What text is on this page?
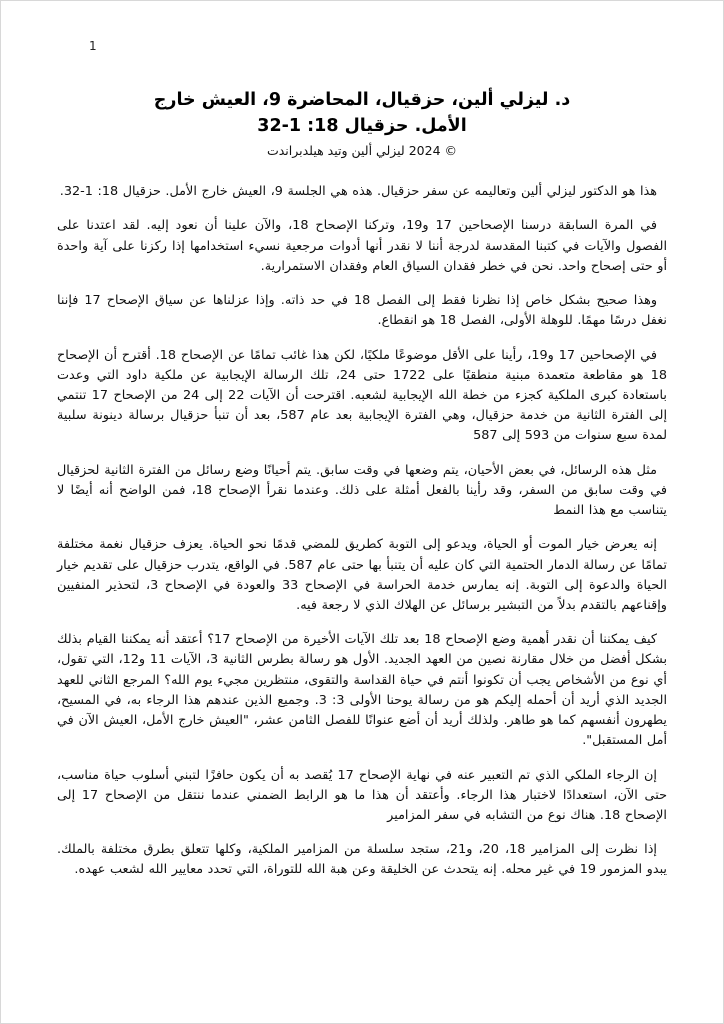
1
د. ليزلي ألين، حزقيال، المحاضرة 9، العيش خارج
الأمل. حزقيال 18: 1-32
© 2024 ليزلي ألين وتيد هيلدبراندت

هذا هو الدكتور ليزلي ألين وتعاليمه عن سفر حزقيال. هذه هي الجلسة 9، العيش خارج الأمل. حزقيال 18: 1-32.

في المرة السابقة درسنا الإصحاحين 17 و19، وتركنا الإصحاح 18، والآن علينا أن نعود إليه. لقد اعتدنا على الفصول والآيات في كتبنا المقدسة لدرجة أننا لا نقدر أنها أدوات مرجعية نسيء استخدامها إذا ركزنا على آية واحدة أو حتى إصحاح واحد. نحن في خطر فقدان السياق العام وفقدان الاستمرارية.

وهذا صحيح بشكل خاص إذا نظرنا فقط إلى الفصل 18 في حد ذاته. وإذا عزلناها عن سياق الإصحاح 17 فإننا نغفل درسًا مهمًا. للوهلة الأولى، الفصل 18 هو انقطاع.

في الإصحاحين 17 و19، رأينا على الأقل موضوعًا ملكيًا، لكن هذا غائب تمامًا عن الإصحاح 18. أقترح أن الإصحاح 18 هو مقاطعة متعمدة مبنية منطقيًا على 1722 حتى 24، تلك الرسالة الإيجابية عن ملكية داود التي وعدت باستعادة كبرى الملكية كجزء من خطة الله الإيجابية لشعبه. اقترحت أن الآيات 22 إلى 24 من الإصحاح 17 تنتمي إلى الفترة الثانية من خدمة حزقيال، وهي الفترة الإيجابية بعد عام 587، بعد أن تنبأ حزقيال برسالة دينونة سلبية لمدة سبع سنوات من 593 إلى 587

مثل هذه الرسائل، في بعض الأحيان، يتم وضعها في وقت سابق. يتم أحيانًا وضع رسائل من الفترة الثانية لحزقيال في وقت سابق من السفر، وقد رأينا بالفعل أمثلة على ذلك. وعندما نقرأ الإصحاح 18، فمن الواضح أنه أيضًا لا يتناسب مع هذا النمط

إنه يعرض خيار الموت أو الحياة، ويدعو إلى التوبة كطريق للمضي قدمًا نحو الحياة. يعزف حزقيال نغمة مختلفة تمامًا عن رسالة الدمار الحتمية التي كان عليه أن يتنبأ بها حتى عام 587. في الواقع، يتدرب حزقيال على تقديم خيار الحياة والدعوة إلى التوبة. إنه يمارس خدمة الحراسة في الإصحاح 33 والعودة في الإصحاح 3، لتحذير المنفيين وإقناعهم بالتقدم بدلاً من التبشير برسائل عن الهلاك الذي لا رجعة فيه.

كيف يمكننا أن نقدر أهمية وضع الإصحاح 18 بعد تلك الآيات الأخيرة من الإصحاح 17؟ أعتقد أنه يمكننا القيام بذلك بشكل أفضل من خلال مقارنة نصين من العهد الجديد. الأول هو رسالة بطرس الثانية 3، الآيات 11 و12، التي تقول، أي نوع من الأشخاص يجب أن تكونوا أنتم في حياة القداسة والتقوى، منتظرين مجيء يوم الله؟ المرجع الثاني للعهد الجديد الذي أريد أن أحمله إليكم هو من رسالة يوحنا الأولى 3: 3. وجميع الذين عندهم هذا الرجاء به، في المسيح، يطهرون أنفسهم كما هو طاهر. ولذلك أريد أن أضع عنوانًا للفصل الثامن عشر، "العيش خارج الأمل، العيش الآن في أمل المستقبل".

إن الرجاء الملكي الذي تم التعبير عنه في نهاية الإصحاح 17 يُقصد به أن يكون حافزًا لتبني أسلوب حياة مناسب، حتى الآن، استعدادًا لاختبار هذا الرجاء. وأعتقد أن هذا ما هو الرابط الضمني عندما ننتقل من الإصحاح 17 إلى الإصحاح 18. هناك نوع من التشابه في سفر المزامير

إذا نظرت إلى المزامير 18، 20، و21، ستجد سلسلة من المزامير الملكية، وكلها تتعلق بطرق مختلفة بالملك. يبدو المزمور 19 في غير محله. إنه يتحدث عن الخليقة وعن هبة الله للتوراة، التي تحدد معايير الله لشعب عهده.
